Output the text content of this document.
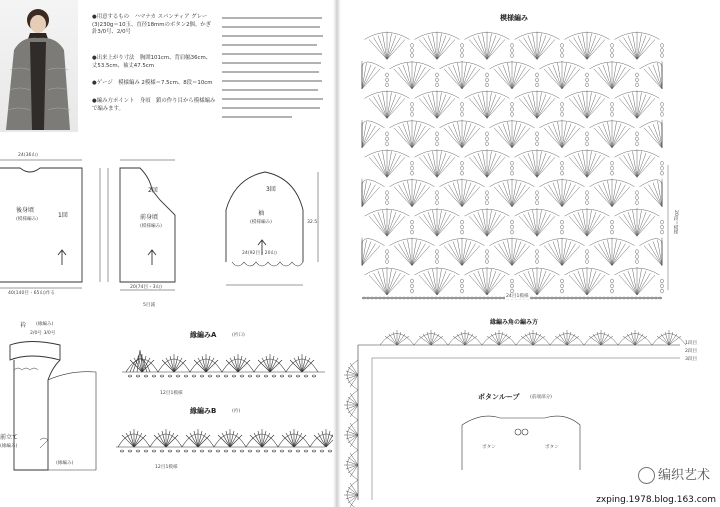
●用意するもの　ハマナカ スパンティア グレー(3)230g＝10玉、直径18mmのボタン2個、かぎ針3/0号、2/0号
●出来上がり寸法　胸囲101cm、背肩幅36cm、丈53.5cm、袖丈47.5cm
●ゲージ　模様編み 2模様＝7.5cm、8段＝10cm
●編み方ポイント　身頃　鎖の作り目から模様編みで編みます。
後身頃
(模様編み)
1回
24(36山)
40(140目・65山)作る
前身頃
(模様編み)
2回
20(74目・3山)
5目減
袖
(模様編み)
3回
24(92目・20山)
32.5
衿 (緣編み)
2/0号 3/0号
前立て
(緣編み)
(緣編み)
緣編みA	(衿口)
12目1模様
緣編みB	(衿)
12目1模様
模様編み
24目1模様
20段＝模様
緣編み角の編み方
1段目
2段目
3段目
ボタンループ (前端部分)
ボタン	ボタン
编织艺术
zxping.1978.blog.163.com
